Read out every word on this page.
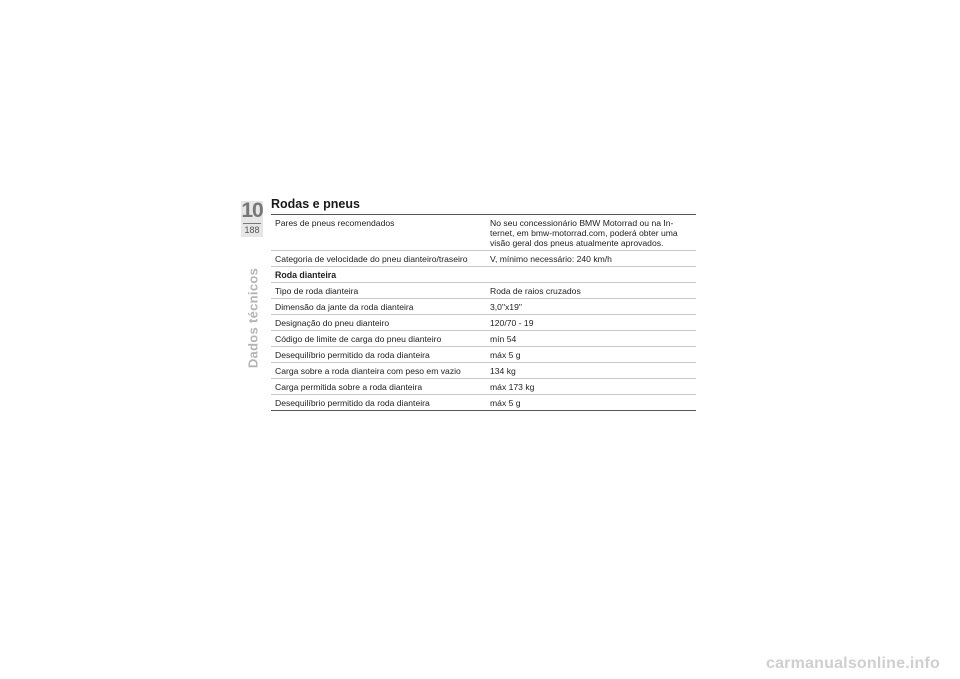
10
188
Dados técnicos
Rodas e pneus
Pares de pneus recomendados	No seu concessionário BMW Motorrad ou na In-
ternet, em bmw-motorrad.com, poderá obter uma
visão geral dos pneus atualmente aprovados.
Categoria de velocidade do pneu dianteiro/traseiro	V, mínimo necessário: 240 km/h
Roda dianteira	
Tipo de roda dianteira	Roda de raios cruzados
Dimensão da jante da roda dianteira	3,0"x19"
Designação do pneu dianteiro	120/70 - 19
Código de limite de carga do pneu dianteiro	mín 54
Desequilíbrio permitido da roda dianteira	máx 5 g
Carga sobre a roda dianteira com peso em vazio	134 kg
Carga permitida sobre a roda dianteira	máx 173 kg
Desequilíbrio permitido da roda dianteira	máx 5 g
carmanualsonline.info
